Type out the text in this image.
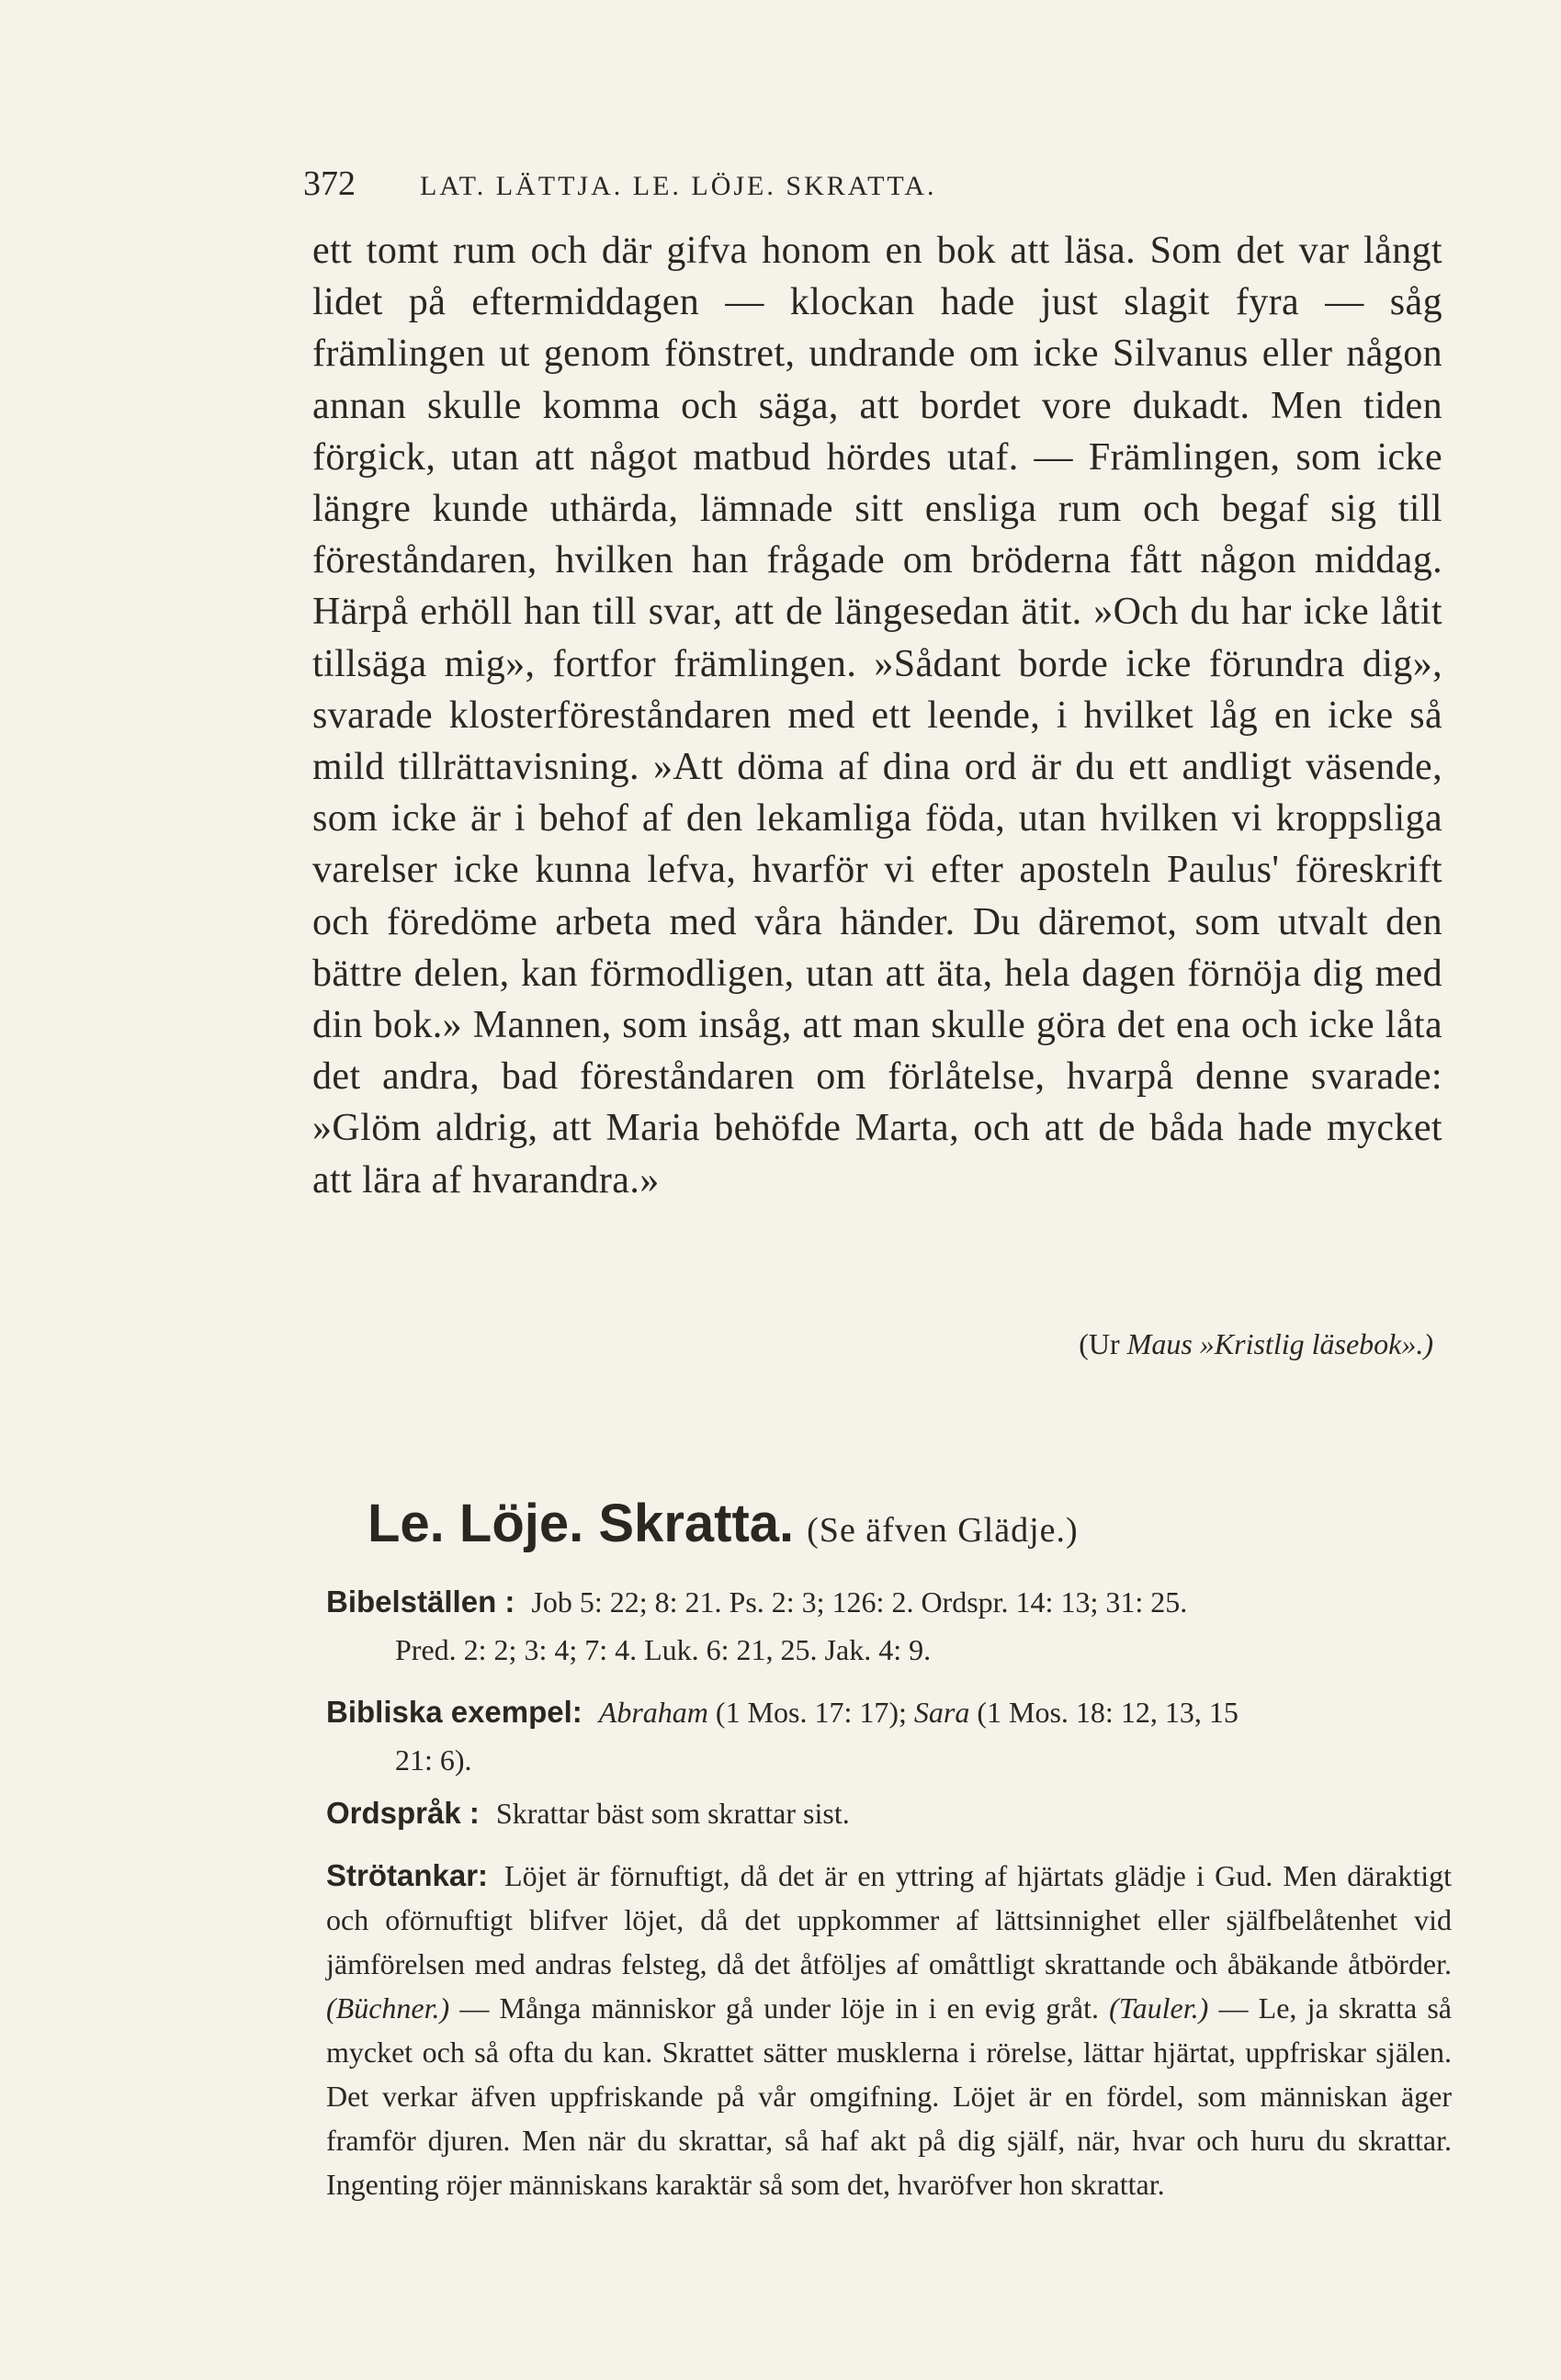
372 LAT. LÄTTJA. LE. LÖJE. SKRATTA.

ett tomt rum och där gifva honom en bok att läsa. Som det var långt lidet på eftermiddagen — klockan hade just slagit fyra — såg främlingen ut genom fönstret, undrande om icke Silvanus eller någon annan skulle komma och säga, att bordet vore dukadt. Men tiden förgick, utan att något matbud hördes utaf. — Främlingen, som icke längre kunde uthärda, lämnade sitt ensliga rum och begaf sig till föreståndaren, hvilken han frågade om bröderna fått någon middag. Härpå erhöll han till svar, att de längesedan ätit. »Och du har icke låtit tillsäga mig», fortfor främlingen. »Sådant borde icke förundra dig», svarade klosterföreståndaren med ett leende, i hvilket låg en icke så mild tillrättavisning. »Att döma af dina ord är du ett andligt väsende, som icke är i behof af den lekamliga föda, utan hvilken vi kroppsliga varelser icke kunna lefva, hvarför vi efter aposteln Paulus' föreskrift och föredöme arbeta med våra händer. Du däremot, som utvalt den bättre delen, kan förmodligen, utan att äta, hela dagen förnöja dig med din bok.» Mannen, som insåg, att man skulle göra det ena och icke låta det andra, bad föreståndaren om förlåtelse, hvarpå denne svarade: »Glöm aldrig, att Maria behöfde Marta, och att de båda hade mycket att lära af hvarandra.»

(Ur Maus »Kristlig läsebok».)
Le. Löje. Skratta. (Se äfven Glädje.)
Bibelställen : Job 5: 22; 8: 21. Ps. 2: 3; 126: 2. Ordspr. 14: 13; 31: 25.
Pred. 2: 2; 3: 4; 7: 4. Luk. 6: 21, 25. Jak. 4: 9.
Bibliska exempel: Abraham (1 Mos. 17: 17); Sara (1 Mos. 18: 12, 13, 15
21: 6).
Ordspråk : Skrattar bäst som skrattar sist.
Strötankar: Löjet är förnuftigt, då det är en yttring af hjärtats glädje i Gud. Men däraktigt och oförnuftigt blifver löjet, då det uppkommer af lättsinnighet eller själfbelåtenhet vid jämförelsen med andras felsteg, då det åtföljes af omåttligt skrattande och åbäkande åtbörder. (Büchner.) — Många människor gå under löje in i en evig gråt. (Tauler.) — Le, ja skratta så mycket och så ofta du kan. Skrattet sätter musklerna i rörelse, lättar hjärtat, uppfriskar själen. Det verkar äfven uppfriskande på vår omgifning. Löjet är en fördel, som människan äger framför djuren. Men när du skrattar, så haf akt på dig själf, när, hvar och huru du skrattar. Ingenting röjer människans karaktär så som det, hvaröfver hon skrattar.
